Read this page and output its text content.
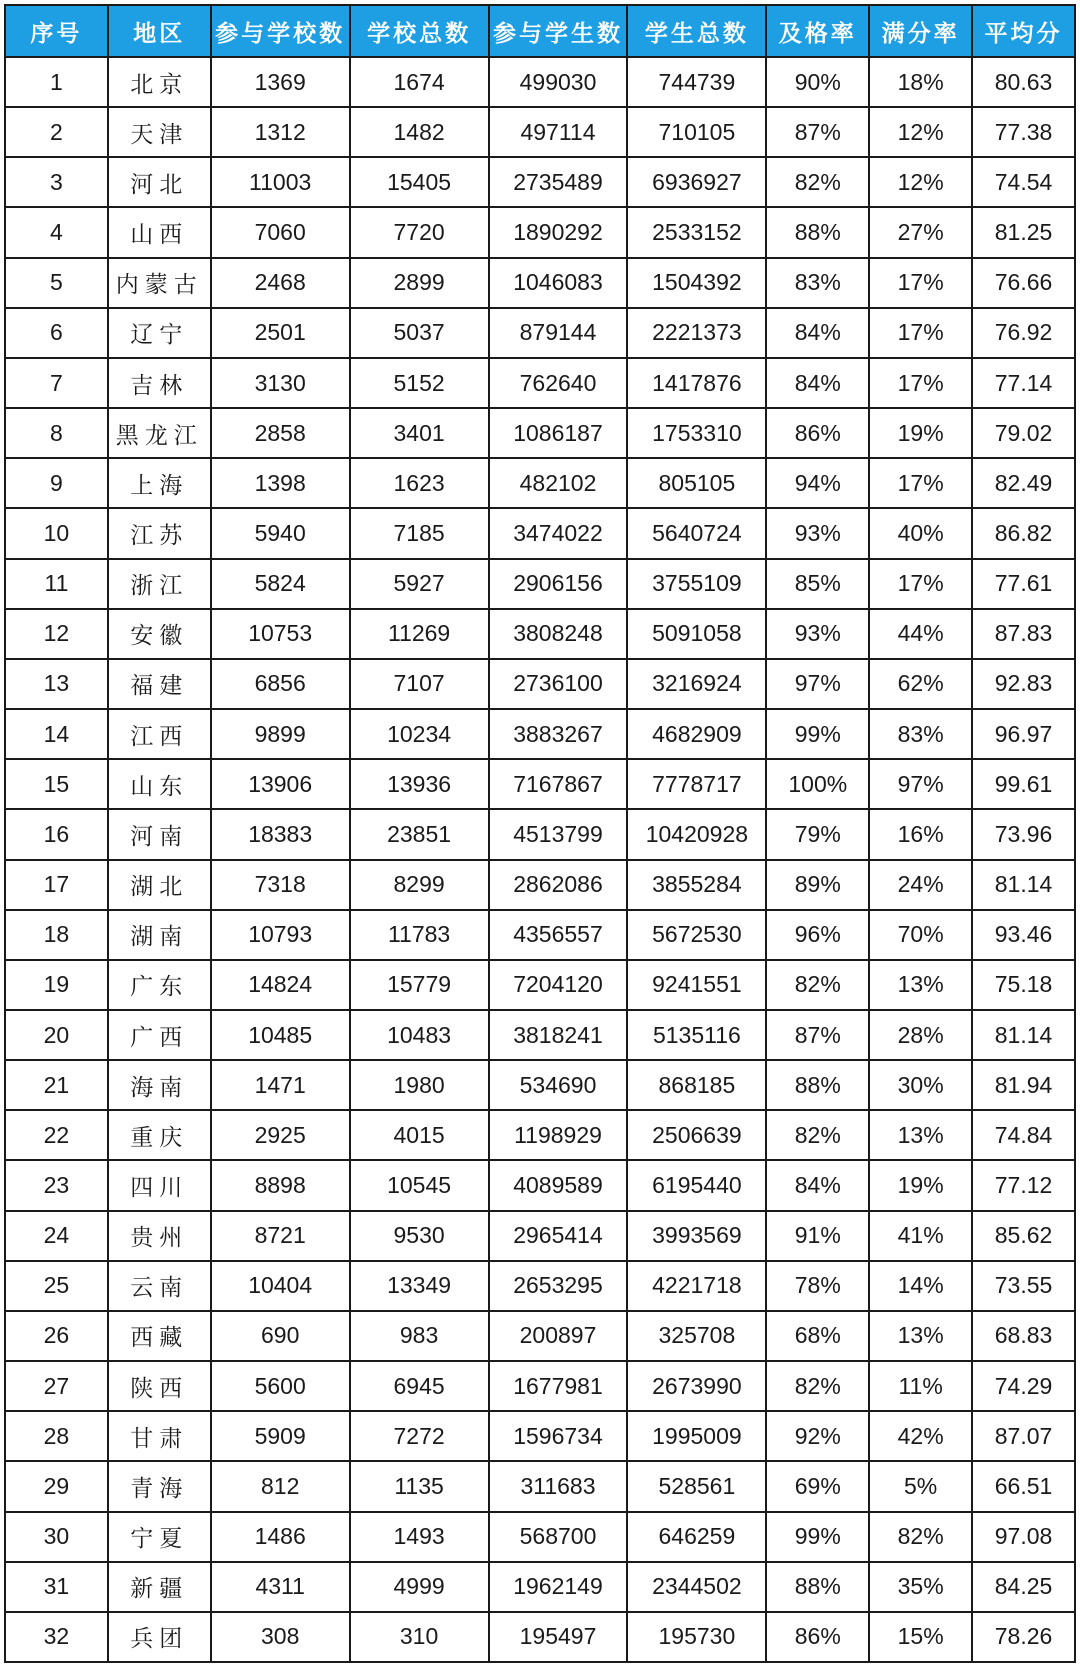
序号	地区	参与学校数	学校总数	参与学生数	学生总数	及格率	满分率	平均分
1	北京	1369	1674	499030	744739	90%	18%	80.63
2	天津	1312	1482	497114	710105	87%	12%	77.38
3	河北	11003	15405	2735489	6936927	82%	12%	74.54
4	山西	7060	7720	1890292	2533152	88%	27%	81.25
5	内蒙古	2468	2899	1046083	1504392	83%	17%	76.66
6	辽宁	2501	5037	879144	2221373	84%	17%	76.92
7	吉林	3130	5152	762640	1417876	84%	17%	77.14
8	黑龙江	2858	3401	1086187	1753310	86%	19%	79.02
9	上海	1398	1623	482102	805105	94%	17%	82.49
10	江苏	5940	7185	3474022	5640724	93%	40%	86.82
11	浙江	5824	5927	2906156	3755109	85%	17%	77.61
12	安徽	10753	11269	3808248	5091058	93%	44%	87.83
13	福建	6856	7107	2736100	3216924	97%	62%	92.83
14	江西	9899	10234	3883267	4682909	99%	83%	96.97
15	山东	13906	13936	7167867	7778717	100%	97%	99.61
16	河南	18383	23851	4513799	10420928	79%	16%	73.96
17	湖北	7318	8299	2862086	3855284	89%	24%	81.14
18	湖南	10793	11783	4356557	5672530	96%	70%	93.46
19	广东	14824	15779	7204120	9241551	82%	13%	75.18
20	广西	10485	10483	3818241	5135116	87%	28%	81.14
21	海南	1471	1980	534690	868185	88%	30%	81.94
22	重庆	2925	4015	1198929	2506639	82%	13%	74.84
23	四川	8898	10545	4089589	6195440	84%	19%	77.12
24	贵州	8721	9530	2965414	3993569	91%	41%	85.62
25	云南	10404	13349	2653295	4221718	78%	14%	73.55
26	西藏	690	983	200897	325708	68%	13%	68.83
27	陕西	5600	6945	1677981	2673990	82%	11%	74.29
28	甘肃	5909	7272	1596734	1995009	92%	42%	87.07
29	青海	812	1135	311683	528561	69%	5%	66.51
30	宁夏	1486	1493	568700	646259	99%	82%	97.08
31	新疆	4311	4999	1962149	2344502	88%	35%	84.25
32	兵团	308	310	195497	195730	86%	15%	78.26
